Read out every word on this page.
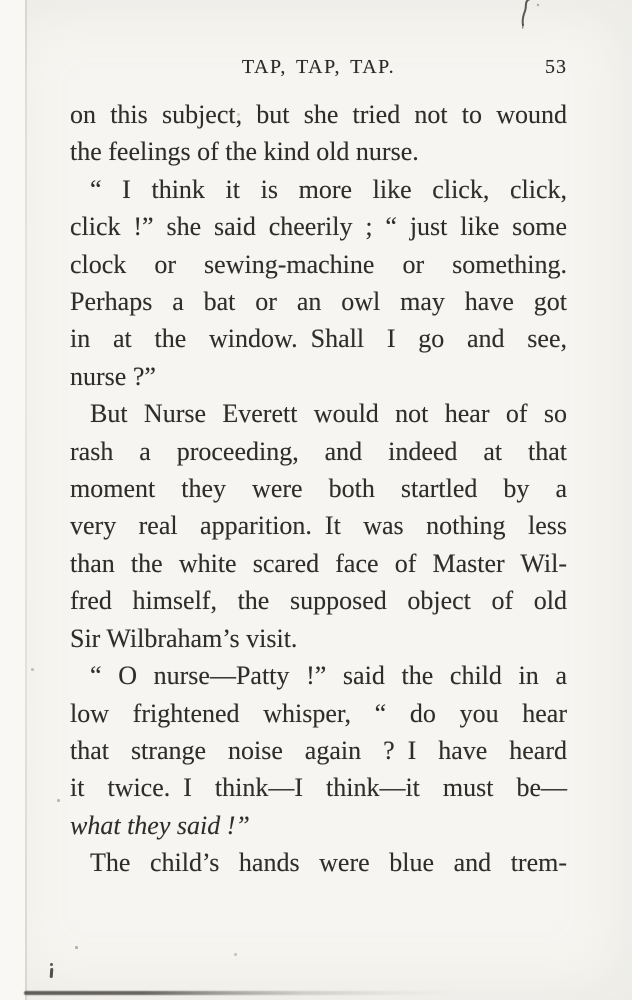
TAP, TAP, TAP.	53
on this subject, but she tried not to wound
the feelings of the kind old nurse.
“ I think it is more like click, click,
click !” she said cheerily ; “ just like some
clock or sewing-machine or something.
Perhaps a bat or an owl may have got
in at the window. Shall I go and see,
nurse ?”
But Nurse Everett would not hear of so
rash a proceeding, and indeed at that
moment they were both startled by a
very real apparition. It was nothing less
than the white scared face of Master Wil-
fred himself, the supposed object of old
Sir Wilbraham’s visit.
“ O nurse—Patty !” said the child in a
low frightened whisper, “ do you hear
that strange noise again ? I have heard
it twice. I think—I think—it must be—
what they said !”
The child’s hands were blue and trem-
